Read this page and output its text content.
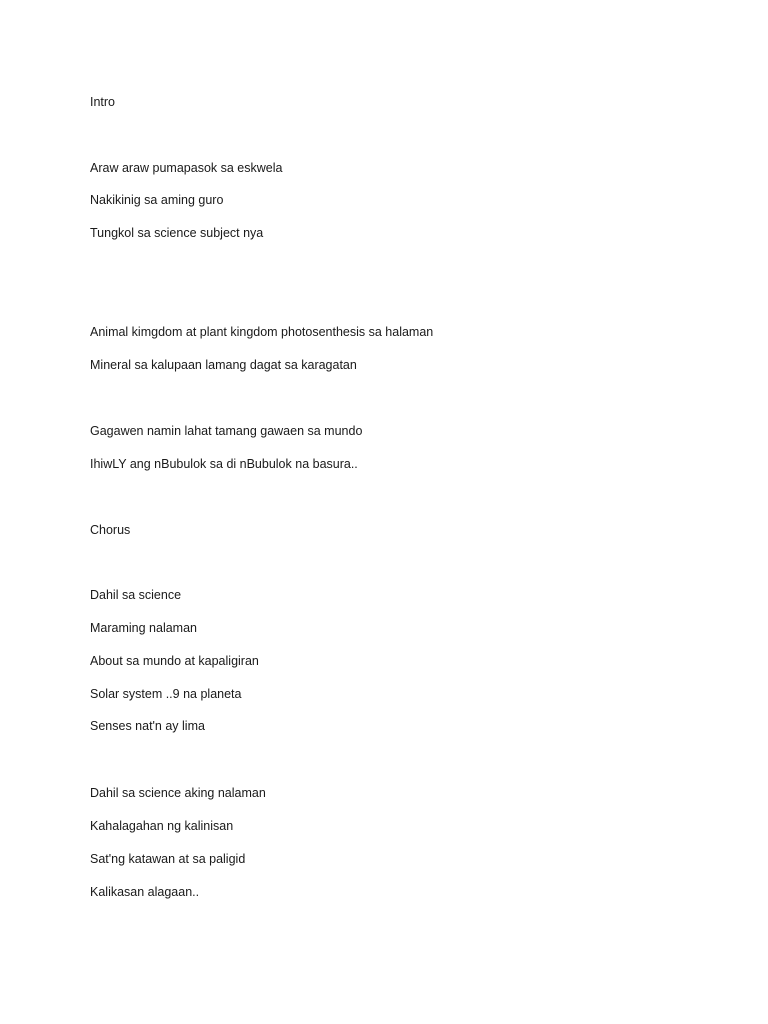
Intro

Araw araw pumapasok sa eskwela

Nakikinig sa aming guro

Tungkol sa science subject nya

Animal kimgdom at plant kingdom photosenthesis sa halaman

Mineral sa kalupaan lamang dagat sa karagatan

Gagawen namin lahat tamang gawaen sa mundo

IhiwLY ang nBubulok sa di nBubulok na basura..

Chorus

Dahil sa science

Maraming nalaman

About sa mundo at kapaligiran

Solar system ..9 na planeta

Senses nat'n ay lima

Dahil sa science aking nalaman

Kahalagahan ng kalinisan

Sat'ng katawan at sa paligid

Kalikasan alagaan..
